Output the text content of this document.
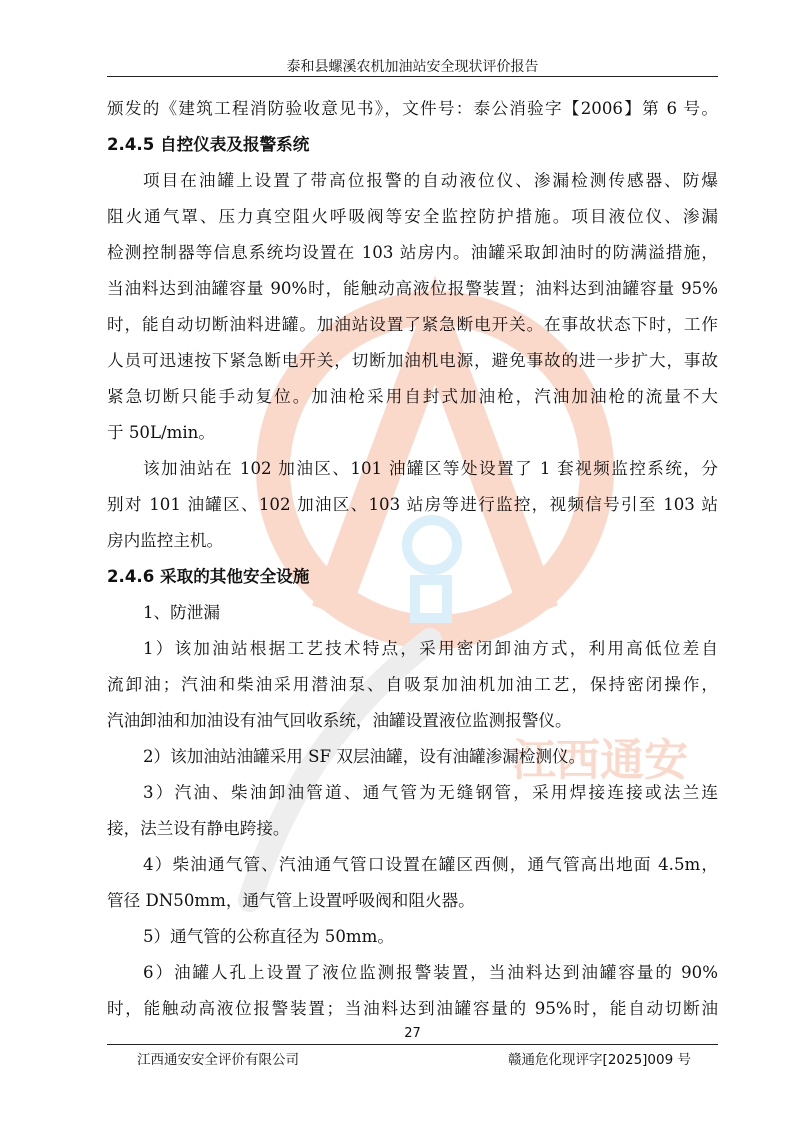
泰和县螺溪农机加油站安全现状评价报告
江西通安
颁发的《建筑工程消防验收意见书》，文件号：泰公消验字【2006】第 6 号。
2.4.5 自控仪表及报警系统
项目在油罐上设置了带高位报警的自动液位仪、渗漏检测传感器、防爆
阻火通气罩、压力真空阻火呼吸阀等安全监控防护措施。项目液位仪、渗漏
检测控制器等信息系统均设置在 103 站房内。油罐采取卸油时的防满溢措施，
当油料达到油罐容量 90%时，能触动高液位报警装置；油料达到油罐容量 95%
时，能自动切断油料进罐。加油站设置了紧急断电开关。在事故状态下时，工作
人员可迅速按下紧急断电开关，切断加油机电源，避免事故的进一步扩大，事故
紧急切断只能手动复位。加油枪采用自封式加油枪，汽油加油枪的流量不大
于 50L/min。
该加油站在 102 加油区、101 油罐区等处设置了 1 套视频监控系统，分
别对 101 油罐区、102 加油区、103 站房等进行监控，视频信号引至 103 站
房内监控主机。
2.4.6 采取的其他安全设施
1、防泄漏
1）该加油站根据工艺技术特点，采用密闭卸油方式，利用高低位差自
流卸油；汽油和柴油采用潜油泵、自吸泵加油机加油工艺，保持密闭操作，
汽油卸油和加油设有油气回收系统，油罐设置液位监测报警仪。
2）该加油站油罐采用 SF 双层油罐，设有油罐渗漏检测仪。
3）汽油、柴油卸油管道、通气管为无缝钢管，采用焊接连接或法兰连
接，法兰设有静电跨接。
4）柴油通气管、汽油通气管口设置在罐区西侧，通气管高出地面 4.5m，
管径 DN50mm，通气管上设置呼吸阀和阻火器。
5）通气管的公称直径为 50mm。
6）油罐人孔上设置了液位监测报警装置，当油料达到油罐容量的 90%
时，能触动高液位报警装置；当油料达到油罐容量的 95%时，能自动切断油
27
江西通安安全评价有限公司	赣通危化现评字[2025]009 号
